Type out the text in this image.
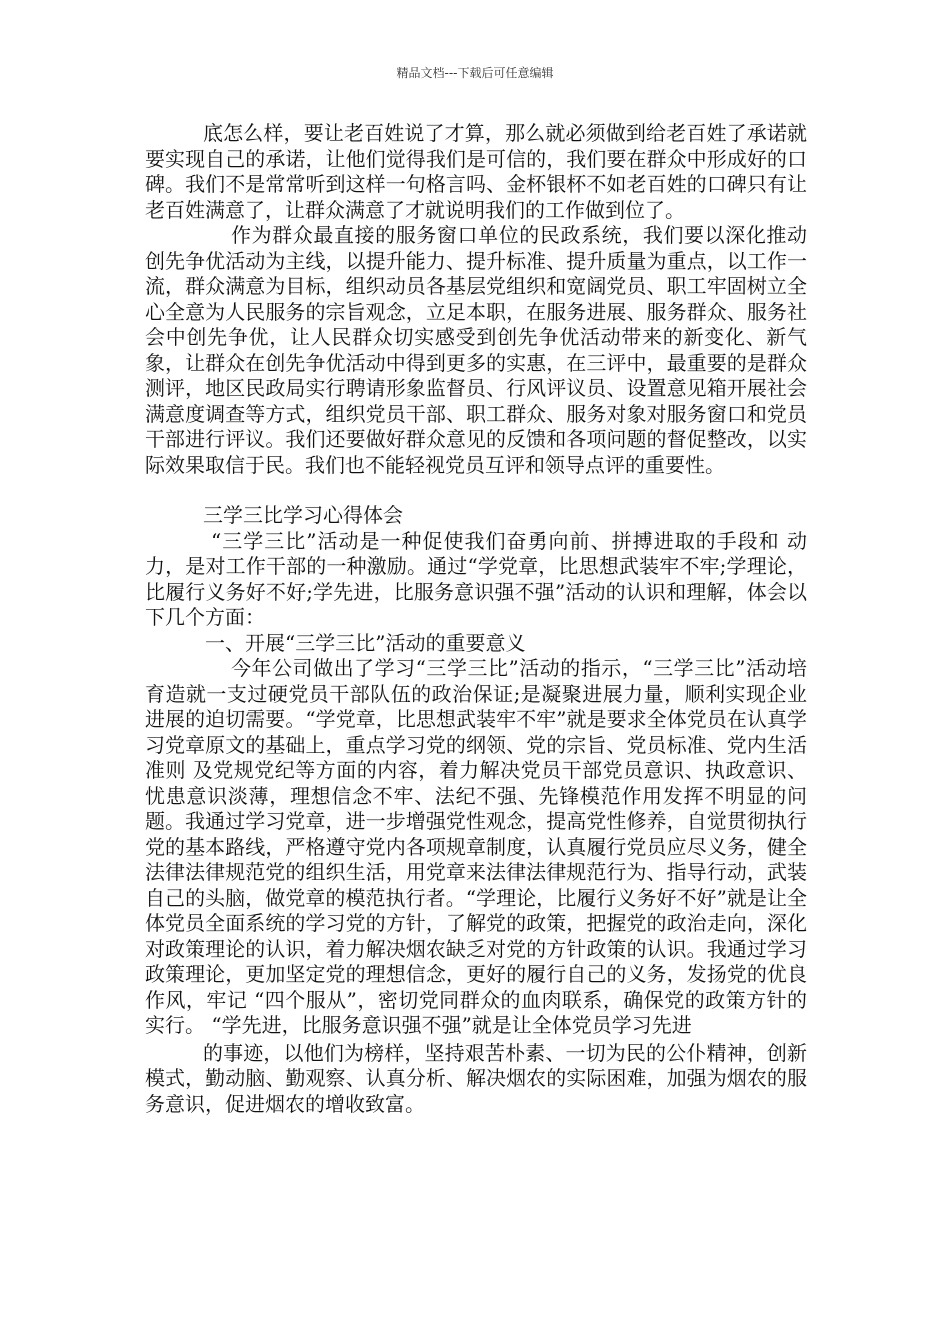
精品文档---下载后可任意编辑

底怎么样，要让老百姓说了才算，那么就必须做到给老百姓了承诺就要实现自己的承诺，让他们觉得我们是可信的，我们要在群众中形成好的口碑。我们不是常常听到这样一句格言吗、金杯银杯不如老百姓的口碑只有让老百姓满意了，让群众满意了才就说明我们的工作做到位了。

作为群众最直接的服务窗口单位的民政系统，我们要以深化推动创先争优活动为主线，以提升能力、提升标准、提升质量为重点，以工作一流，群众满意为目标，组织动员各基层党组织和宽阔党员、职工牢固树立全心全意为人民服务的宗旨观念，立足本职，在服务进展、服务群众、服务社会中创先争优，让人民群众切实感受到创先争优活动带来的新变化、新气象，让群众在创先争优活动中得到更多的实惠，在三评中，最重要的是群众测评，地区民政局实行聘请形象监督员、行风评议员、设置意见箱开展社会满意度调查等方式，组织党员干部、职工群众、服务对象对服务窗口和党员干部进行评议。我们还要做好群众意见的反馈和各项问题的督促整改，以实际效果取信于民。我们也不能轻视党员互评和领导点评的重要性。

三学三比学习心得体会

“三学三比”活动是一种促使我们奋勇向前、拼搏进取的手段和 动力，是对工作干部的一种激励。通过“学党章，比思想武装牢不牢;学理论，比履行义务好不好;学先进，比服务意识强不强”活动的认识和理解，体会以下几个方面：

一、开展“三学三比”活动的重要意义

今年公司做出了学习“三学三比”活动的指示，“三学三比”活动培育造就一支过硬党员干部队伍的政治保证;是凝聚进展力量，顺利实现企业进展的迫切需要。“学党章，比思想武装牢不牢”就是要求全体党员在认真学习党章原文的基础上，重点学习党的纲领、党的宗旨、党员标准、党内生活准则 及党规党纪等方面的内容，着力解决党员干部党员意识、执政意识、忧患意识淡薄，理想信念不牢、法纪不强、先锋模范作用发挥不明显的问题。我通过学习党章，进一步增强党性观念，提高党性修养，自觉贯彻执行党的基本路线，严格遵守党内各项规章制度，认真履行党员应尽义务，健全法律法律规范党的组织生活，用党章来法律法律规范行为、指导行动，武装自己的头脑，做党章的模范执行者。“学理论，比履行义务好不好”就是让全体党员全面系统的学习党的方针，了解党的政策，把握党的政治走向，深化对政策理论的认识，着力解决烟农缺乏对党的方针政策的认识。我通过学习政策理论，更加坚定党的理想信念，更好的履行自己的义务，发扬党的优良作风，牢记 “四个服从”，密切党同群众的血肉联系，确保党的政策方针的实行。 “学先进，比服务意识强不强”就是让全体党员学习先进

的事迹，以他们为榜样，坚持艰苦朴素、一切为民的公仆精神，创新模式，勤动脑、勤观察、认真分析、解决烟农的实际困难，加强为烟农的服务意识，促进烟农的增收致富。
